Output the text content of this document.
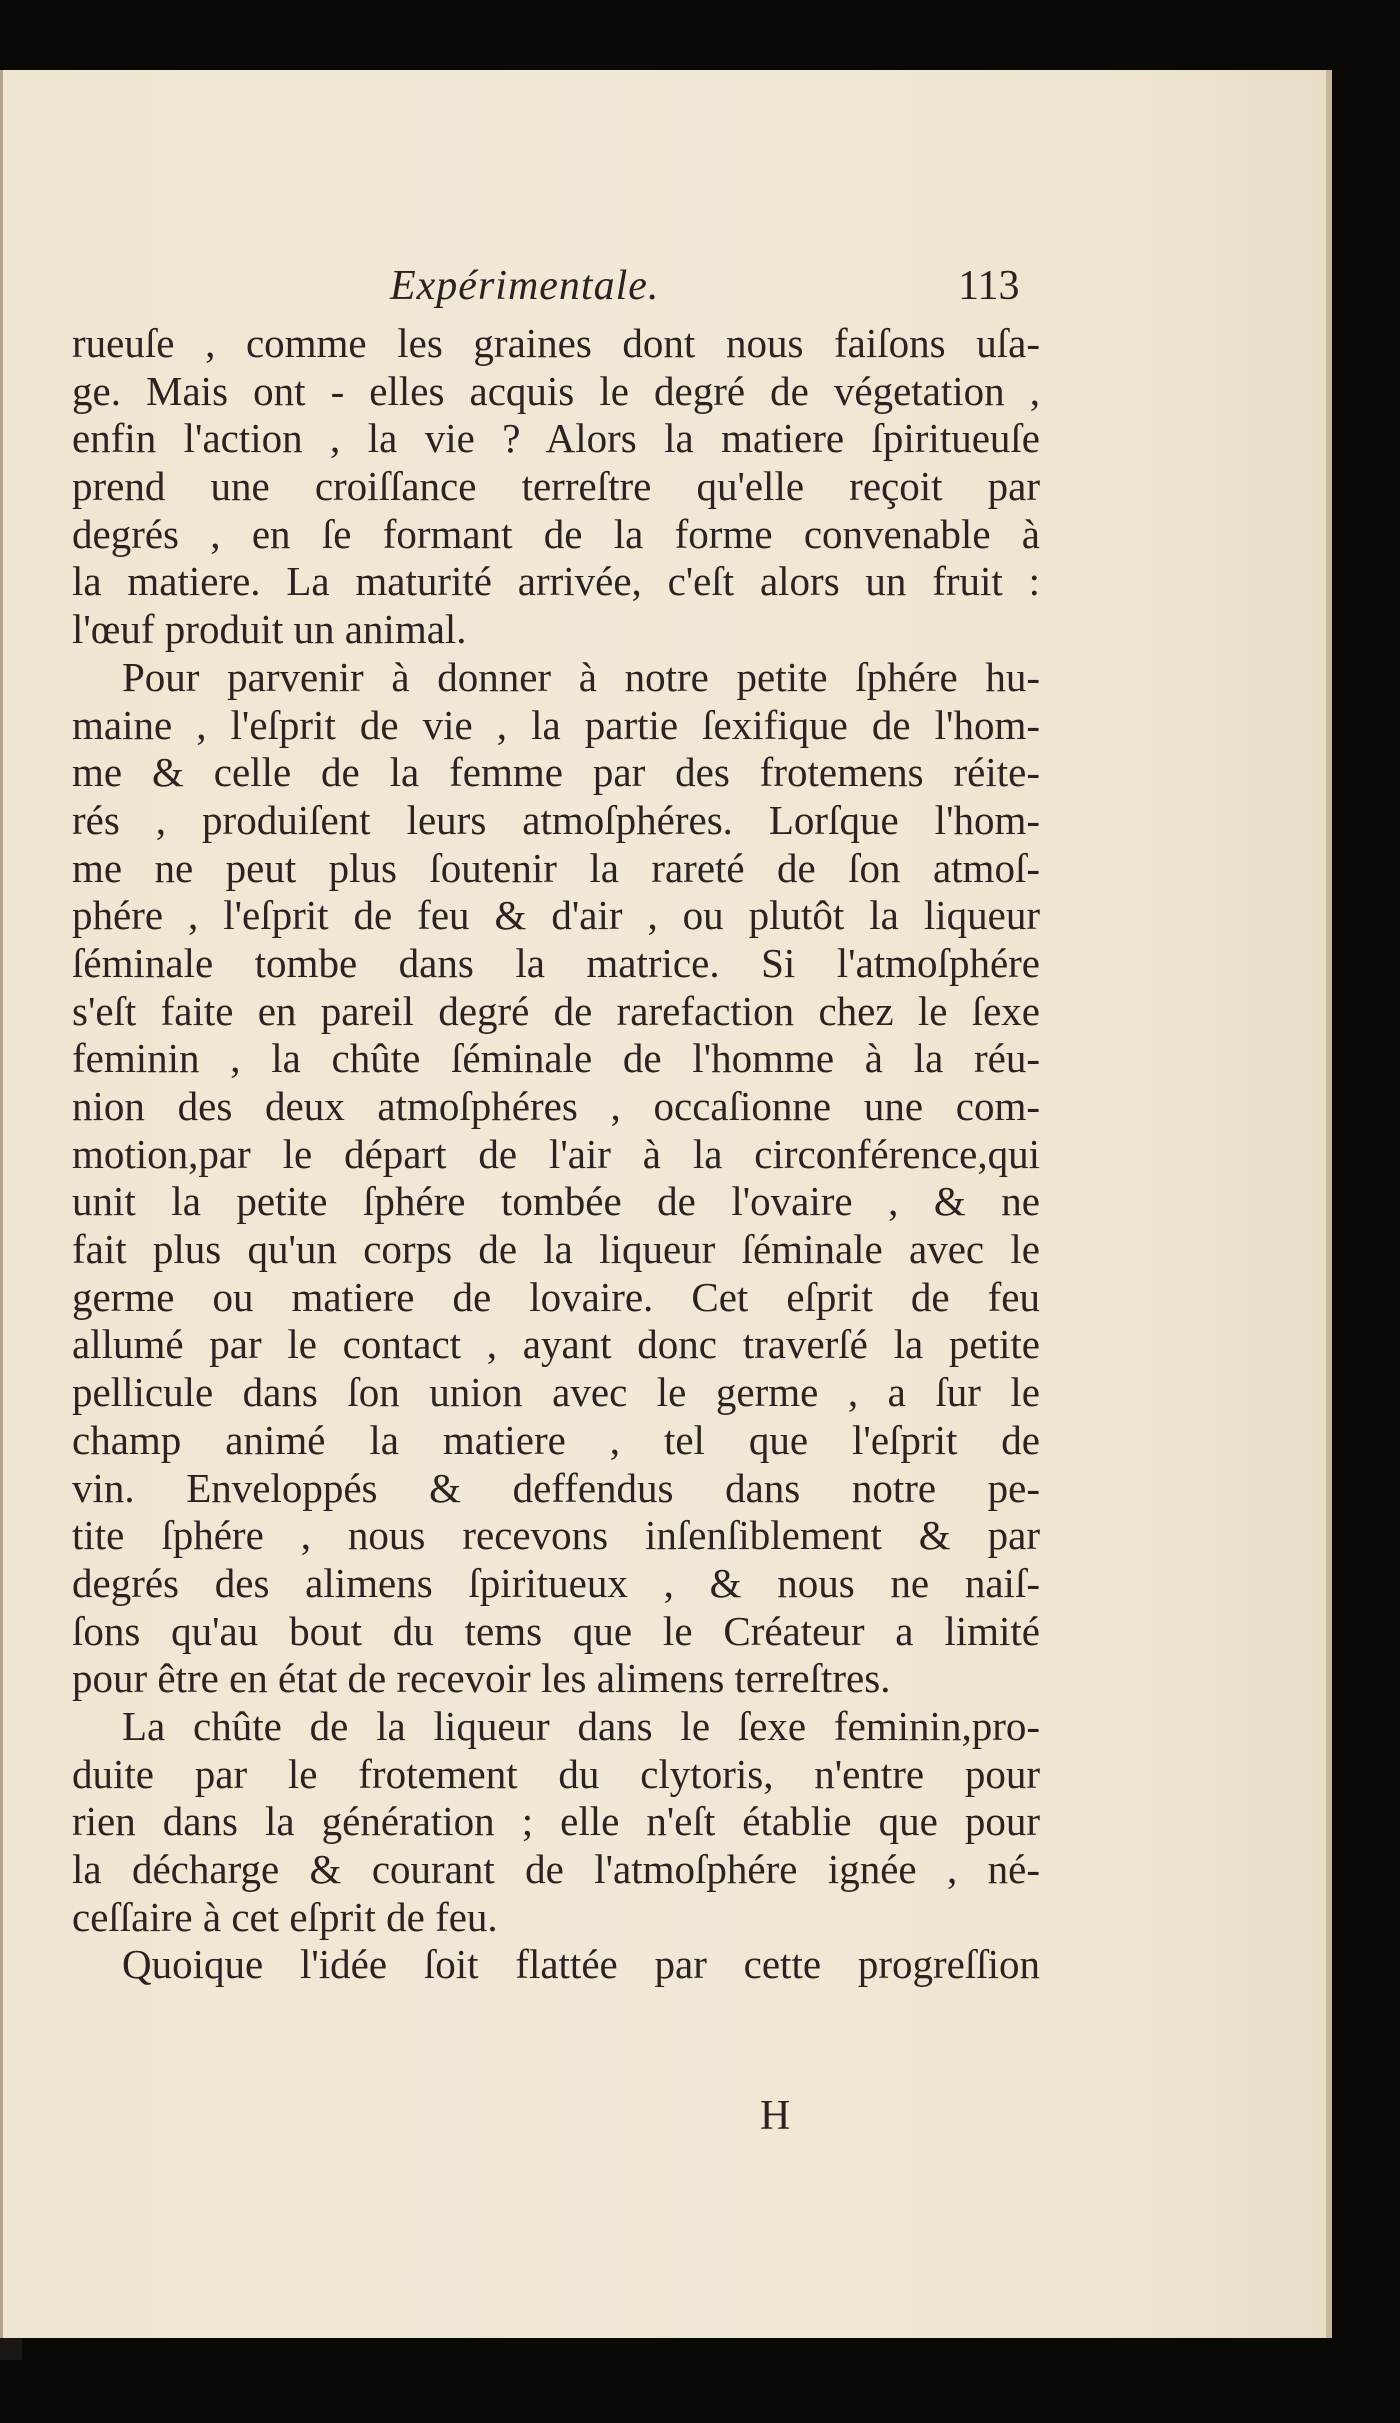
Expérimentale.	113
rueuſe , comme les graines dont nous faiſons uſa-
ge. Mais ont - elles acquis le degré de végetation ,
enfin l'action , la vie ? Alors la matiere ſpiritueuſe
prend une croiſſance terreſtre qu'elle reçoit par
degrés , en ſe formant de la forme convenable à
la matiere. La maturité arrivée, c'eſt alors un fruit :
l'œuf produit un animal.
Pour parvenir à donner à notre petite ſphére hu-
maine , l'eſprit de vie , la partie ſexifique de l'hom-
me & celle de la femme par des frotemens réite-
rés , produiſent leurs atmoſphéres. Lorſque l'hom-
me ne peut plus ſoutenir la rareté de ſon atmoſ-
phére , l'eſprit de feu & d'air , ou plutôt la liqueur
ſéminale tombe dans la matrice. Si l'atmoſphére
s'eſt faite en pareil degré de rarefaction chez le ſexe
feminin , la chûte ſéminale de l'homme à la réu-
nion des deux atmoſphéres , occaſionne une com-
motion,par le départ de l'air à la circonférence,qui
unit la petite ſphére tombée de l'ovaire , & ne
fait plus qu'un corps de la liqueur ſéminale avec le
germe ou matiere de lovaire. Cet eſprit de feu
allumé par le contact , ayant donc traverſé la petite
pellicule dans ſon union avec le germe , a ſur le
champ animé la matiere , tel que l'eſprit de
vin. Enveloppés & deffendus dans notre pe-
tite ſphére , nous recevons inſenſiblement & par
degrés des alimens ſpiritueux , & nous ne naiſ-
ſons qu'au bout du tems que le Créateur a limité
pour être en état de recevoir les alimens terreſtres.
La chûte de la liqueur dans le ſexe feminin,pro-
duite par le frotement du clytoris, n'entre pour
rien dans la génération ; elle n'eſt établie que pour
la décharge & courant de l'atmoſphére ignée , né-
ceſſaire à cet eſprit de feu.
Quoique l'idée ſoit flattée par cette progreſſion
H
